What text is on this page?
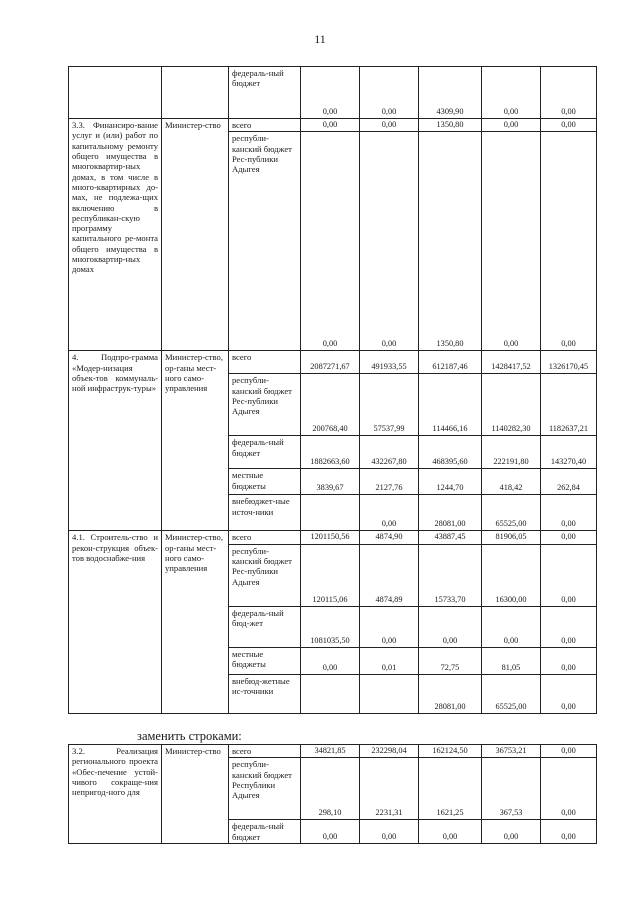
11
		федераль-ный бюджет	0,00	0,00	4309,90	0,00	0,00
3.3. Финансиро-вание услуг и (или) работ по капитальному ремонту общего имущества в многоквартир-ных домах, в том числе в много-квартирных до-мах, не подлежа-щих включению в республикан-скую программу капитального ре-монта общего имущества в многоквартир-ных домах	Министер-ство	всего	0,00	0,00	1350,80	0,00	0,00
		республи-канский бюджет Рес-публики Адыгея	0,00	0,00	1350,80	0,00	0,00
4. Подпро-грамма «Модер-низация объек-тов коммуналь-ной инфраструк-туры»	Министер-ство, ор-ганы мест-ного само-управления	всего	2087271,67	491933,55	612187,46	1428417,52	1326170,45
		республи-канский бюджет Рес-публики Адыгея	200768,40	57537,99	114466,16	1140282,30	1182637,21
		федераль-ный бюджет	1882663,60	432267,80	468395,60	222191,80	143270,40
		местные бюджеты	3839,67	2127,76	1244,70	418,42	262,84
		внебюджет-ные источ-ники		0,00	28081,00	65525,00	0,00
4.1. Строитель-ство и рекон-струкция объек-тов водоснабже-ния	Министер-ство, ор-ганы мест-ного само-управления	всего	1201150,56	4874,90	43887,45	81906,05	0,00
		республи-канский бюджет Рес-публики Адыгея	120115,06	4874,89	15733,70	16300,00	0,00
		федераль-ный бюд-жет	1081035,50	0,00	0,00	0,00	0,00
		местные бюджеты	0,00	0,01	72,75	81,05	0,00
		внебюд-жетные ис-точники			28081,00	65525,00	0,00
заменить строками:
3.2. Реализация регионального проекта «Обес-печение устой-чивого сокраще-ния непригод-ного для	Министер-ство	всего	34821,85	232298,04	162124,50	36753,21	0,00
		республи-канский бюджет Республики Адыгея	298,10	2231,31	1621,25	367,53	0,00
		федераль-ный бюджет	0,00	0,00	0,00	0,00	0,00
